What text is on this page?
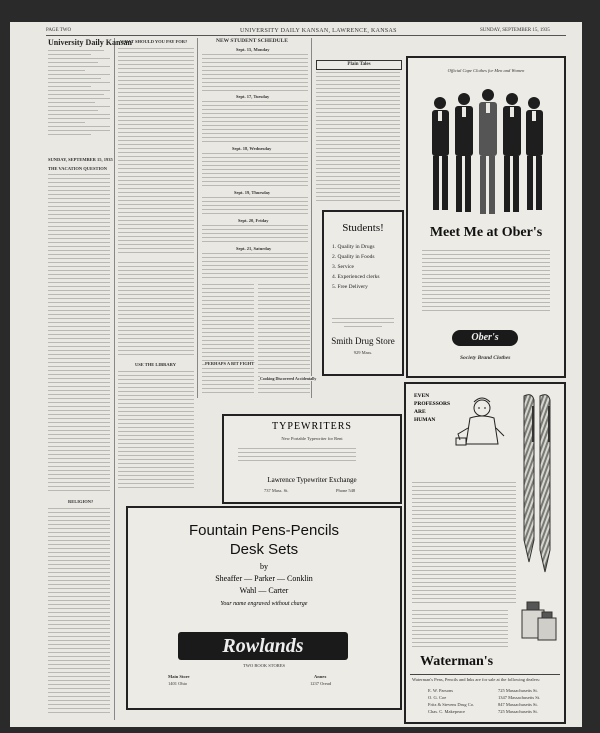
PAGE TWO	UNIVERSITY DAILY KANSAN, LAWRENCE, KANSAS	SUNDAY, SEPTEMBER 15, 1935
University Daily Kansan
SUNDAY, SEPTEMBER 15, 1935
THE VACATION QUESTION
RELIGION?
WHAT SHOULD YOU PAY FOR?
USE THE LIBRARY
NEW STUDENT SCHEDULE
Sept. 15, Monday
Sept. 17, Tuesday
Sept. 18, Wednesday
Sept. 19, Thursday
Sept. 20, Friday
Sept. 21, Saturday
PERHAPS A BIT FIGHT
Cooking Discovered Accidentally
Plain Tales
Official Cape Clothes for Men and Women
Meet Me at Ober's
Ober's
Society Brand Clothes
Students!
1. Quality in Drugs
2. Quality in Foods
3. Service
4. Experienced clerks
5. Free Delivery
Smith Drug Store
929 Mass.
TYPEWRITERS
New Portable Typewriter for Rent
Lawrence Typewriter Exchange
737 Mass. St.	Phone 548
Fountain Pens-Pencils
Desk Sets
by
Sheaffer — Parker — Conklin
Wahl — Carter
Your name engraved without charge
Rowlands
TWO BOOK STORES
Main Store
1401 Ohio
Annex
1237 Oread
EVEN
PROFESSORS
ARE
HUMAN
Waterman's
Waterman's Pens, Pencils and Inks are for sale at the following dealers:
E. W. Parsons	725 Massachusetts St.
O. G. Coe	1347 Massachusetts St.
Fritz & Stevens Drug Co.	847 Massachusetts St.
Chas. C. Makepeace	725 Massachusetts St.
